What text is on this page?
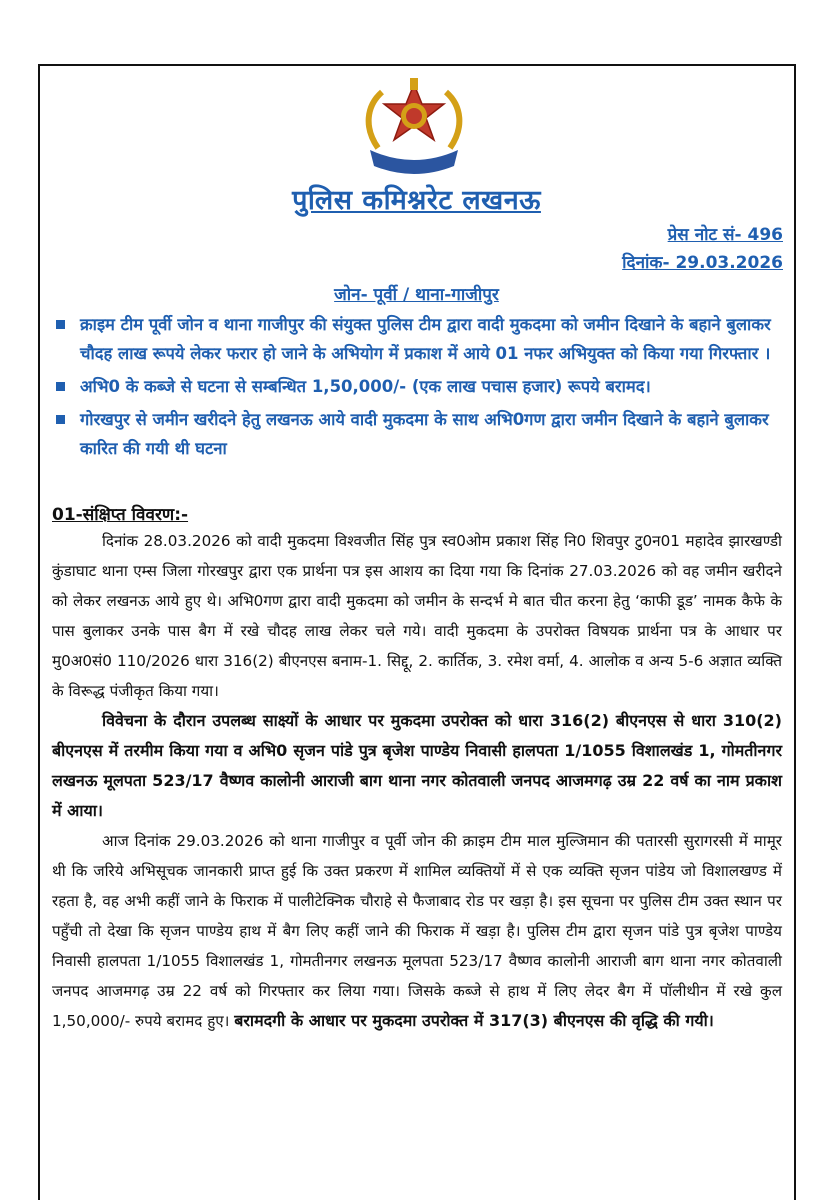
पुलिस कमिश्नरेट लखनऊ
प्रेस नोट सं- 496
दिनांक- 29.03.2026
जोन- पूर्वी / थाना-गाजीपुर
क्राइम टीम पूर्वी जोन व थाना गाजीपुर की संयुक्त पुलिस टीम द्वारा वादी मुकदमा को जमीन दिखाने के बहाने बुलाकर चौदह लाख रूपये लेकर फरार हो जाने के अभियोग में प्रकाश में आये 01 नफर अभियुक्त को किया गया गिरफ्तार ।
अभि0 के कब्जे से घटना से सम्बन्धित 1,50,000/- (एक लाख पचास हजार) रूपये बरामद।
गोरखपुर से जमीन खरीदने हेतु लखनऊ आये वादी मुकदमा के साथ अभि0गण द्वारा जमीन दिखाने के बहाने बुलाकर कारित की गयी थी घटना
01-संक्षिप्त विवरण:-

दिनांक 28.03.2026 को वादी मुकदमा विश्वजीत सिंह पुत्र स्व0ओम प्रकाश सिंह नि0 शिवपुर टु0न01 महादेव झारखण्डी कुंडाघाट थाना एम्स जिला गोरखपुर द्वारा एक प्रार्थना पत्र इस आशय का दिया गया कि दिनांक 27.03.2026 को वह जमीन खरीदने को लेकर लखनऊ आये हुए थे। अभि0गण द्वारा वादी मुकदमा को जमीन के सन्दर्भ मे बात चीत करना हेतु ‘काफी डूड’ नामक कैफे के पास बुलाकर उनके पास बैग में रखे चौदह लाख लेकर चले गये। वादी मुकदमा के उपरोक्त विषयक प्रार्थना पत्र के आधार पर मु0अ0सं0 110/2026 धारा 316(2) बीएनएस बनाम-1. सिद्दू, 2. कार्तिक, 3. रमेश वर्मा, 4. आलोक व अन्य 5-6 अज्ञात व्यक्ति के विरूद्ध पंजीकृत किया गया।

विवेचना के दौरान उपलब्ध साक्ष्यों के आधार पर मुकदमा उपरोक्त को धारा 316(2) बीएनएस से धारा 310(2) बीएनएस में तरमीम किया गया व अभि0 सृजन पांडे पुत्र बृजेश पाण्डेय निवासी हालपता 1/1055 विशालखंड 1, गोमतीनगर लखनऊ मूलपता 523/17 वैष्णव कालोनी आराजी बाग थाना नगर कोतवाली जनपद आजमगढ़ उम्र 22 वर्ष का नाम प्रकाश में आया।

आज दिनांक 29.03.2026 को थाना गाजीपुर व पूर्वी जोन की क्राइम टीम माल मुल्जिमान की पतारसी सुरागरसी में मामूर थी कि जरिये अभिसूचक जानकारी प्राप्त हुई कि उक्त प्रकरण में शामिल व्यक्तियों में से एक व्यक्ति सृजन पांडेय जो विशालखण्ड में रहता है, वह अभी कहीं जाने के फिराक में पालीटेक्निक चौराहे से फैजाबाद रोड पर खड़ा है। इस सूचना पर पुलिस टीम उक्त स्थान पर पहुँची तो देखा कि सृजन पाण्डेय हाथ में बैग लिए कहीं जाने की फिराक में खड़ा है। पुलिस टीम द्वारा सृजन पांडे पुत्र बृजेश पाण्डेय निवासी हालपता 1/1055 विशालखंड 1, गोमतीनगर लखनऊ मूलपता 523/17 वैष्णव कालोनी आराजी बाग थाना नगर कोतवाली जनपद आजमगढ़ उम्र 22 वर्ष को गिरफ्तार कर लिया गया। जिसके कब्जे से हाथ में लिए लेदर बैग में पॉलीथीन में रखे कुल 1,50,000/- रुपये बरामद हुए। बरामदगी के आधार पर मुकदमा उपरोक्त में 317(3) बीएनएस की वृद्धि की गयी।
